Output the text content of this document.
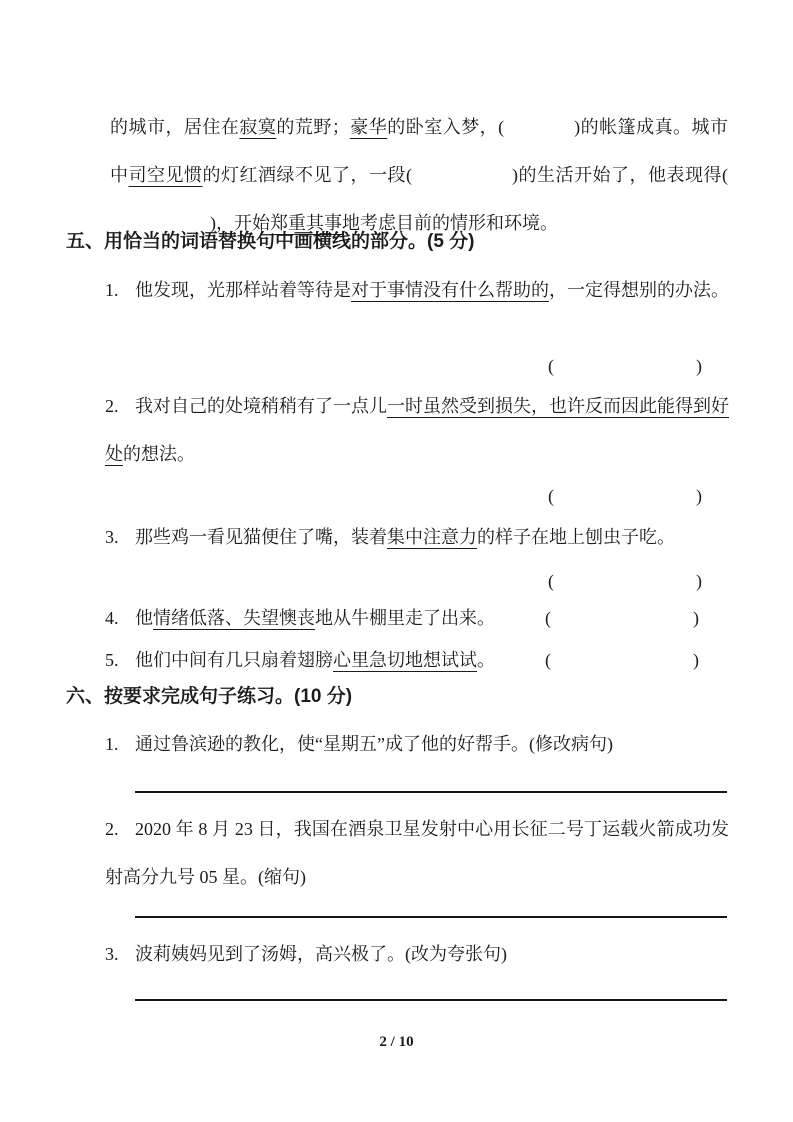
的城市，居住在寂寞的荒野；豪华的卧室入梦，(	)的帐篷成真。城市中司空见惯的灯红酒绿不见了，一段(	)的生活开始了，他表现得()，开始郑重其事地考虑目前的情形和环境。

五、用恰当的词语替换句中画横线的部分。(5 分)
1. 他发现，光那样站着等待是对于事情没有什么帮助的，一定得想别的办法。
(	)
2. 我对自己的处境稍稍有了一点儿一时虽然受到损失，也许反而因此能得到好处的想法。
(	)
3. 那些鸡一看见猫便住了嘴，装着集中注意力的样子在地上刨虫子吃。
(	)
4. 他情绪低落、失望懊丧地从牛棚里走了出来。	(	)
5. 他们中间有几只扇着翅膀心里急切地想试试。	(	)
六、按要求完成句子练习。(10 分)
1. 通过鲁滨逊的教化，使“星期五”成了他的好帮手。(修改病句)
2. 2020 年 8 月 23 日，我国在酒泉卫星发射中心用长征二号丁运载火箭成功发射高分九号 05 星。(缩句)
3. 波莉姨妈见到了汤姆，高兴极了。(改为夸张句)
2 / 10
